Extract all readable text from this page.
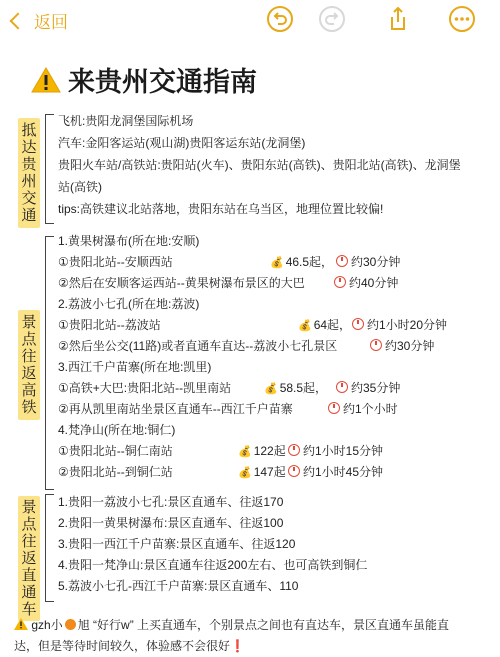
返回
来贵州交通指南
抵
达
贵
州
交
通
飞机:贵阳龙洞堡国际机场
汽车:金阳客运站(观山湖)贵阳客运东站(龙洞堡)
贵阳火车站/高铁站:贵阳站(火车)、贵阳东站(高铁)、贵阳北站(高铁)、龙洞堡
站(高铁)
tips:高铁建议北站落地，贵阳东站在乌当区，地理位置比较偏!
景
点
往
返
高
铁
1.黄果树瀑布(所在地:安顺)
①贵阳北站--安顺西站	💰 46.5起，	约30分钟
②然后在安顺客运西站--黄果树瀑布景区的大巴	约40分钟
2.荔波小七孔(所在地:荔波)
①贵阳北站--荔波站	💰 64起，	约1小时20分钟
②然后坐公交(11路)或者直通车直达--荔波小七孔景区	约30分钟
3.西江千户苗寨(所在地:凯里)
①高铁+大巴:贵阳北站--凯里南站	💰 58.5起，	约35分钟
②再从凯里南站坐景区直通车--西江千户苗寨	约1个小时
4.梵净山(所在地:铜仁)
①贵阳北站--铜仁南站	💰 122起	约1小时15分钟
②贵阳北站--到铜仁站	💰 147起	约1小时45分钟
景
点
往
返
直
通
车
1.贵阳一荔波小七孔:景区直通车、往返170
2.贵阳一黄果树瀑布:景区直通车、往返100
3.贵阳一西江千户苗寨:景区直通车、往返120
4.贵阳一梵净山:景区直通车往返200左右、也可高铁到铜仁
5.荔波小七孔-西江千户苗寨:景区直通车、110
gzh小 旭 “好行w” 上买直通车，个别景点之间也有直达车，景区直通车虽能直
达，但是等待时间较久，体验感不会很好❗
